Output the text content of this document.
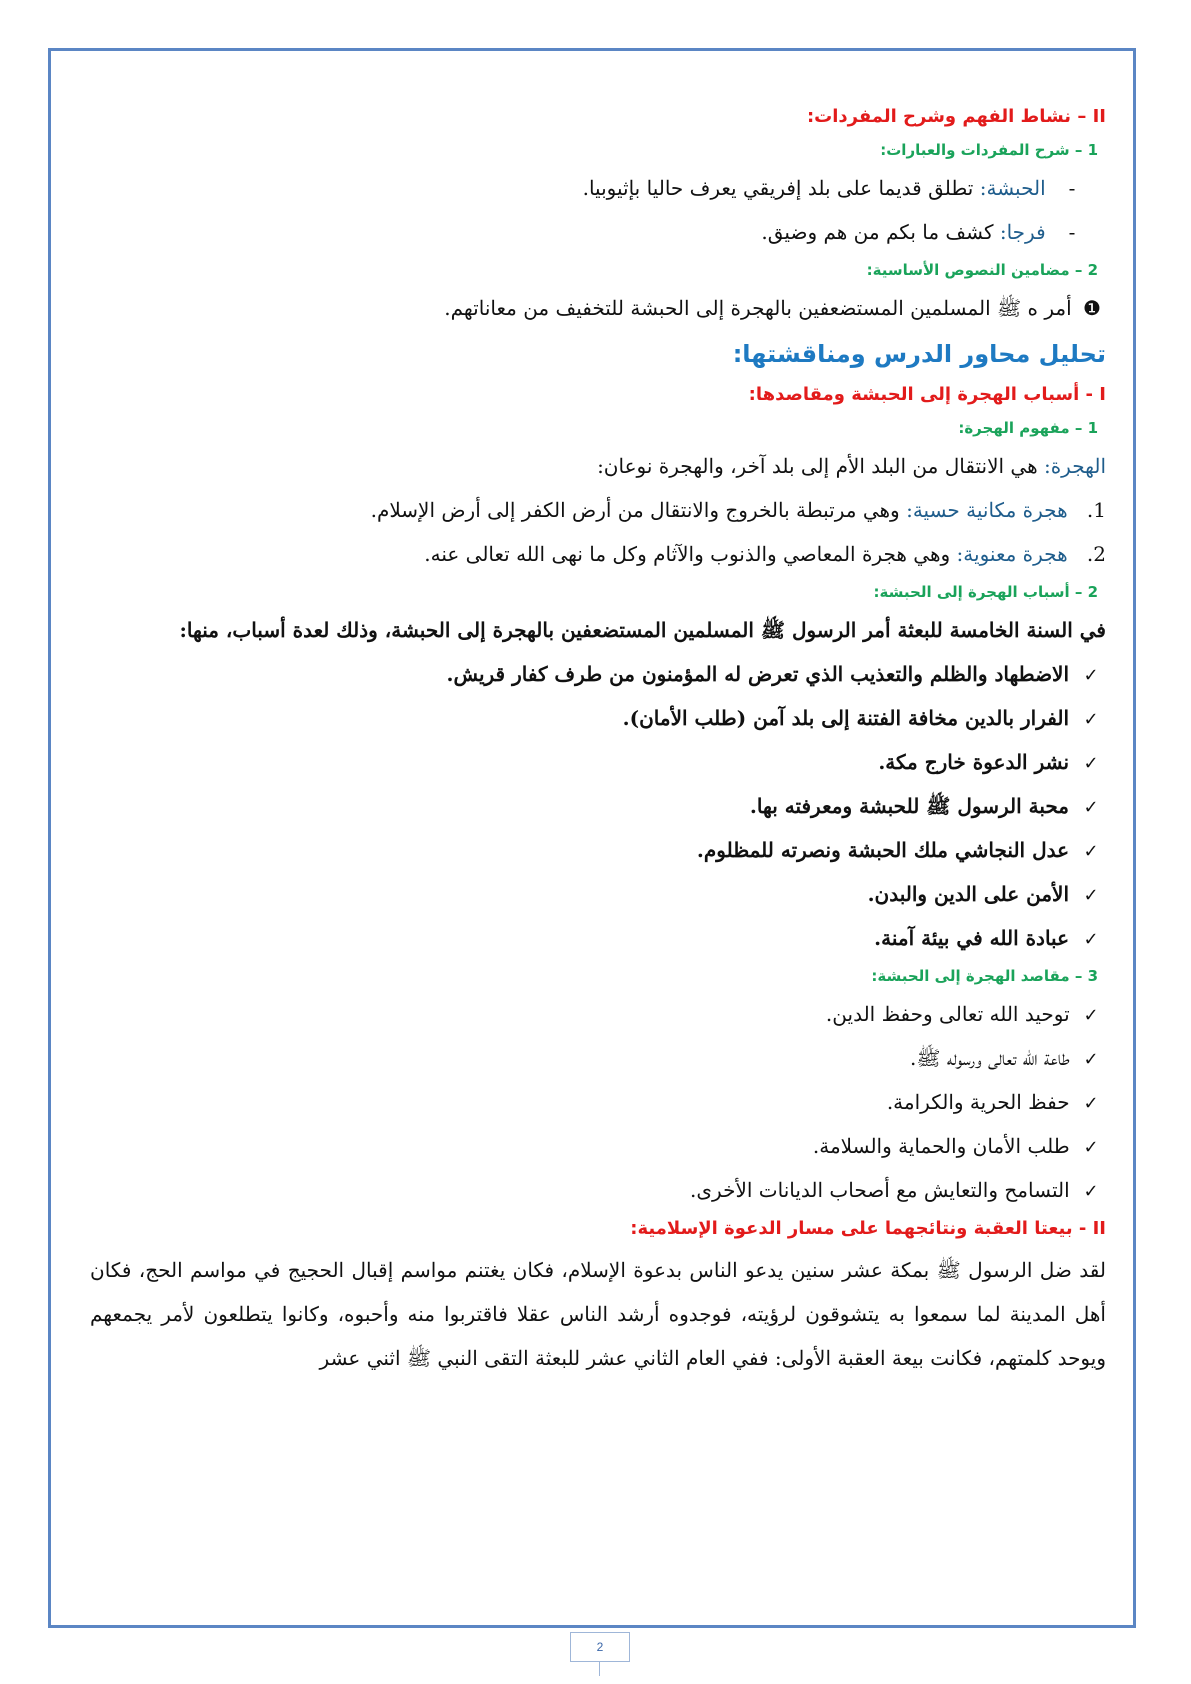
II – نشاط الفهم وشرح المفردات:

1 – شرح المفردات والعبارات:

- الحبشة: تطلق قديما على بلد إفريقي يعرف حاليا بإثيوبيا.

- فرجا: كشف ما بكم من هم وضيق.

2 – مضامين النصوص الأساسية:

❶ أمر ه ﷺ المسلمين المستضعفين بالهجرة إلى الحبشة للتخفيف من معاناتهم.

تحليل محاور الدرس ومناقشتها:

I - أسباب الهجرة إلى الحبشة ومقاصدها:

1 – مفهوم الهجرة:

الهجرة: هي الانتقال من البلد الأم إلى بلد آخر، والهجرة نوعان:

1. هجرة مكانية حسية: وهي مرتبطة بالخروج والانتقال من أرض الكفر إلى أرض الإسلام.

2. هجرة معنوية: وهي هجرة المعاصي والذنوب والآثام وكل ما نهى الله تعالى عنه.

2 – أسباب الهجرة إلى الحبشة:

في السنة الخامسة للبعثة أمر الرسول ﷺ المسلمين المستضعفين بالهجرة إلى الحبشة، وذلك لعدة أسباب، منها:

✓ الاضطهاد والظلم والتعذيب الذي تعرض له المؤمنون من طرف كفار قريش.

✓ الفرار بالدين مخافة الفتنة إلى بلد آمن (طلب الأمان).

✓ نشر الدعوة خارج مكة.

✓ محبة الرسول ﷺ للحبشة ومعرفته بها.

✓ عدل النجاشي ملك الحبشة ونصرته للمظلوم.

✓ الأمن على الدين والبدن.

✓ عبادة الله في بيئة آمنة.

3 – مقاصد الهجرة إلى الحبشة:

✓ توحيد الله تعالى وحفظ الدين.

✓ طاعة الله تعالى ورسوله ﷺ.

✓ حفظ الحرية والكرامة.

✓ طلب الأمان والحماية والسلامة.

✓ التسامح والتعايش مع أصحاب الديانات الأخرى.

II - بيعتا العقبة ونتائجهما على مسار الدعوة الإسلامية:

لقد ضل الرسول ﷺ بمكة عشر سنين يدعو الناس بدعوة الإسلام، فكان يغتنم مواسم إقبال الحجيج في مواسم الحج، فكان أهل المدينة لما سمعوا به يتشوقون لرؤيته، فوجدوه أرشد الناس عقلا فاقتربوا منه وأحبوه، وكانوا يتطلعون لأمر يجمعهم ويوحد كلمتهم، فكانت بيعة العقبة الأولى: ففي العام الثاني عشر للبعثة التقى النبي ﷺ اثني عشر

2
